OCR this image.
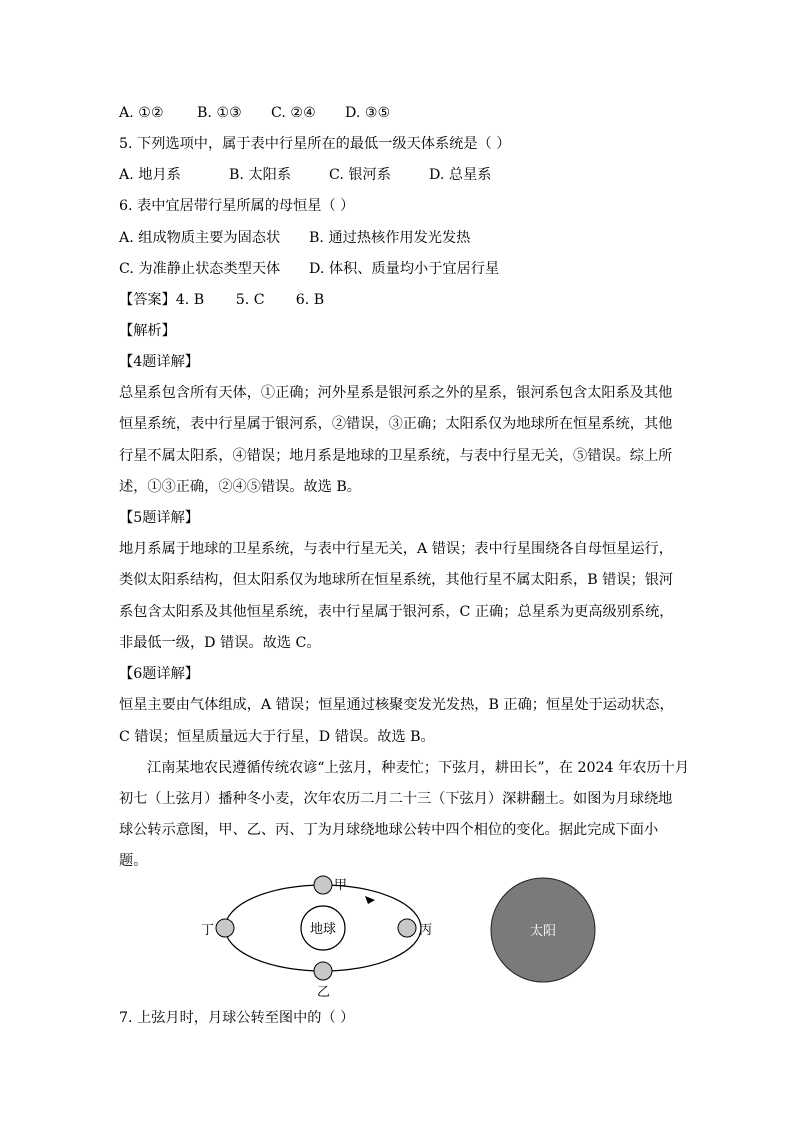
A. ①② B. ①③ C. ②④ D. ③⑤
5. 下列选项中，属于表中行星所在的最低一级天体系统是（ ）
A. 地月系	B. 太阳系	C. 银河系	D. 总星系
6. 表中宜居带行星所属的母恒星（ ）
A. 组成物质主要为固态状 B. 通过热核作用发光发热
C. 为准静止状态类型天体 D. 体积、质量均小于宜居行星
【答案】4. B 5. C 6. B
【解析】
【4题详解】
总星系包含所有天体，①正确；河外星系是银河系之外的星系，银河系包含太阳系及其他
恒星系统，表中行星属于银河系，②错误，③正确；太阳系仅为地球所在恒星系统，其他
行星不属太阳系，④错误；地月系是地球的卫星系统，与表中行星无关，⑤错误。综上所
述，①③正确，②④⑤错误。故选 B。
【5题详解】
地月系属于地球的卫星系统，与表中行星无关，A 错误；表中行星围绕各自母恒星运行，
类似太阳系结构，但太阳系仅为地球所在恒星系统，其他行星不属太阳系，B 错误；银河
系包含太阳系及其他恒星系统，表中行星属于银河系，C 正确；总星系为更高级别系统，
非最低一级，D 错误。故选 C。
【6题详解】
恒星主要由气体组成，A 错误；恒星通过核聚变发光发热，B 正确；恒星处于运动状态，
C 错误；恒星质量远大于行星，D 错误。故选 B。
江南某地农民遵循传统农谚“上弦月，种麦忙；下弦月，耕田长”，在 2024 年农历十月
初七（上弦月）播种冬小麦，次年农历二月二十三（下弦月）深耕翻土。如图为月球绕地
球公转示意图，甲、乙、丙、丁为月球绕地球公转中四个相位的变化。据此完成下面小
题。
地球
甲
乙
丙
丁	太阳
7. 上弦月时，月球公转至图中的（ ）
